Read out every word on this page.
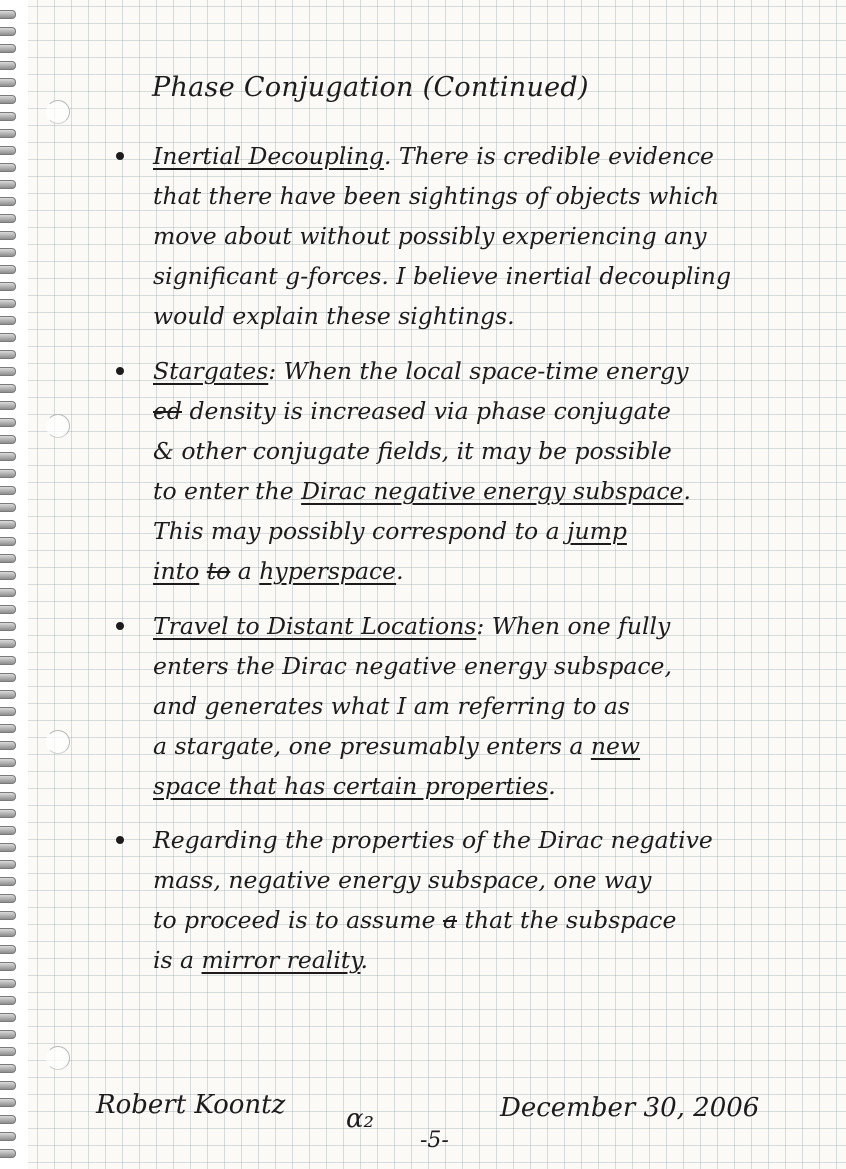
Phase Conjugation (Continued)
Inertial Decoupling. There is credible evidence
that there have been sightings of objects which
move about without possibly experiencing any
significant g-forces. I believe inertial decoupling
would explain these sightings.
Stargates: When the local space-time energy
ed density is increased via phase conjugate
& other conjugate fields, it may be possible
to enter the Dirac negative energy subspace.
This may possibly correspond to a jump
into to a hyperspace.
Travel to Distant Locations: When one fully
enters the Dirac negative energy subspace,
and generates what I am referring to as
a stargate, one presumably enters a new
space that has certain properties.
Regarding the properties of the Dirac negative
mass, negative energy subspace, one way
to proceed is to assume a that the subspace
is a mirror reality.
Robert Koontz α₂
-5-
December 30, 2006
